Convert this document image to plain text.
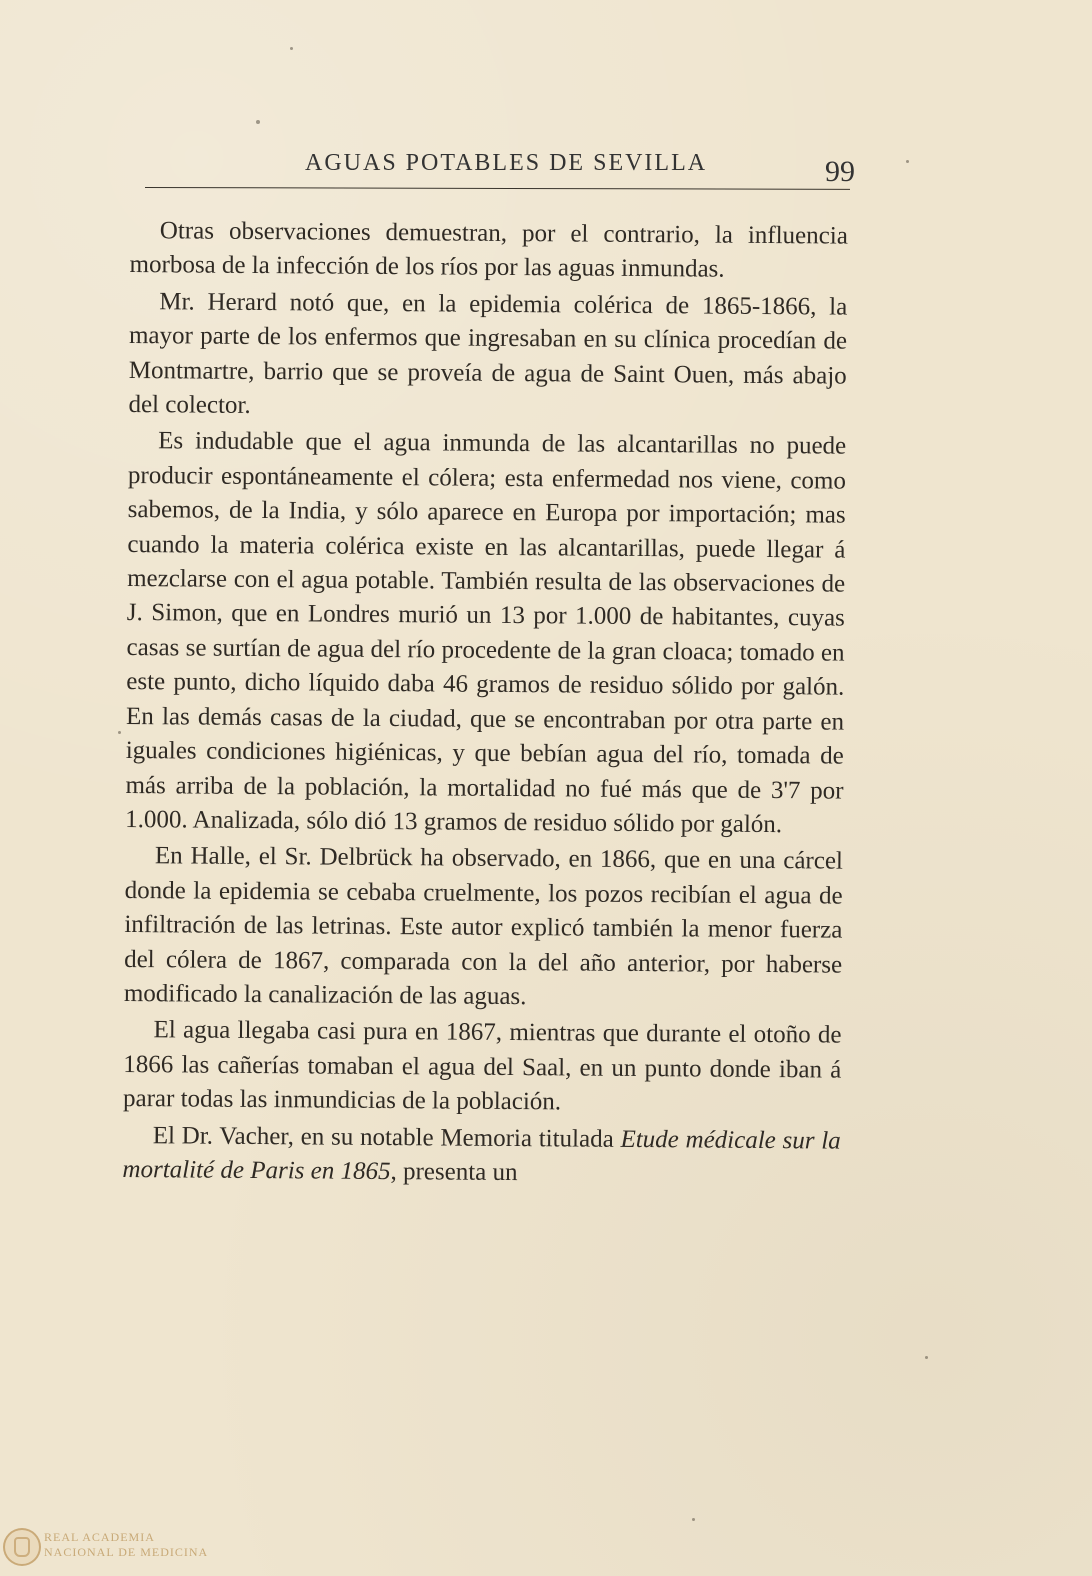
AGUAS POTABLES DE SEVILLA	99

Otras observaciones demuestran, por el contrario, la influencia morbosa de la infección de los ríos por las aguas inmundas.

Mr. Herard notó que, en la epidemia colérica de 1865-1866, la mayor parte de los enfermos que ingresaban en su clínica procedían de Montmartre, barrio que se proveía de agua de Saint Ouen, más abajo del colector.

Es indudable que el agua inmunda de las alcantarillas no puede producir espontáneamente el cólera; esta enfermedad nos viene, como sabemos, de la India, y sólo aparece en Europa por importación; mas cuando la materia colérica existe en las alcantarillas, puede llegar á mezclarse con el agua potable. También resulta de las observaciones de J. Simon, que en Londres murió un 13 por 1.000 de habitantes, cuyas casas se surtían de agua del río procedente de la gran cloaca; tomado en este punto, dicho líquido daba 46 gramos de residuo sólido por galón. En las demás casas de la ciudad, que se encontraban por otra parte en iguales condiciones higiénicas, y que bebían agua del río, tomada de más arriba de la población, la mortalidad no fué más que de 3'7 por 1.000. Analizada, sólo dió 13 gramos de residuo sólido por galón.

En Halle, el Sr. Delbrück ha observado, en 1866, que en una cárcel donde la epidemia se cebaba cruelmente, los pozos recibían el agua de infiltración de las letrinas. Este autor explicó también la menor fuerza del cólera de 1867, comparada con la del año anterior, por haberse modificado la canalización de las aguas.

El agua llegaba casi pura en 1867, mientras que durante el otoño de 1866 las cañerías tomaban el agua del Saal, en un punto donde iban á parar todas las inmundicias de la población.

El Dr. Vacher, en su notable Memoria titulada Etude médicale sur la mortalité de Paris en 1865, presenta un

REAL ACADEMIA
NACIONAL DE MEDICINA
